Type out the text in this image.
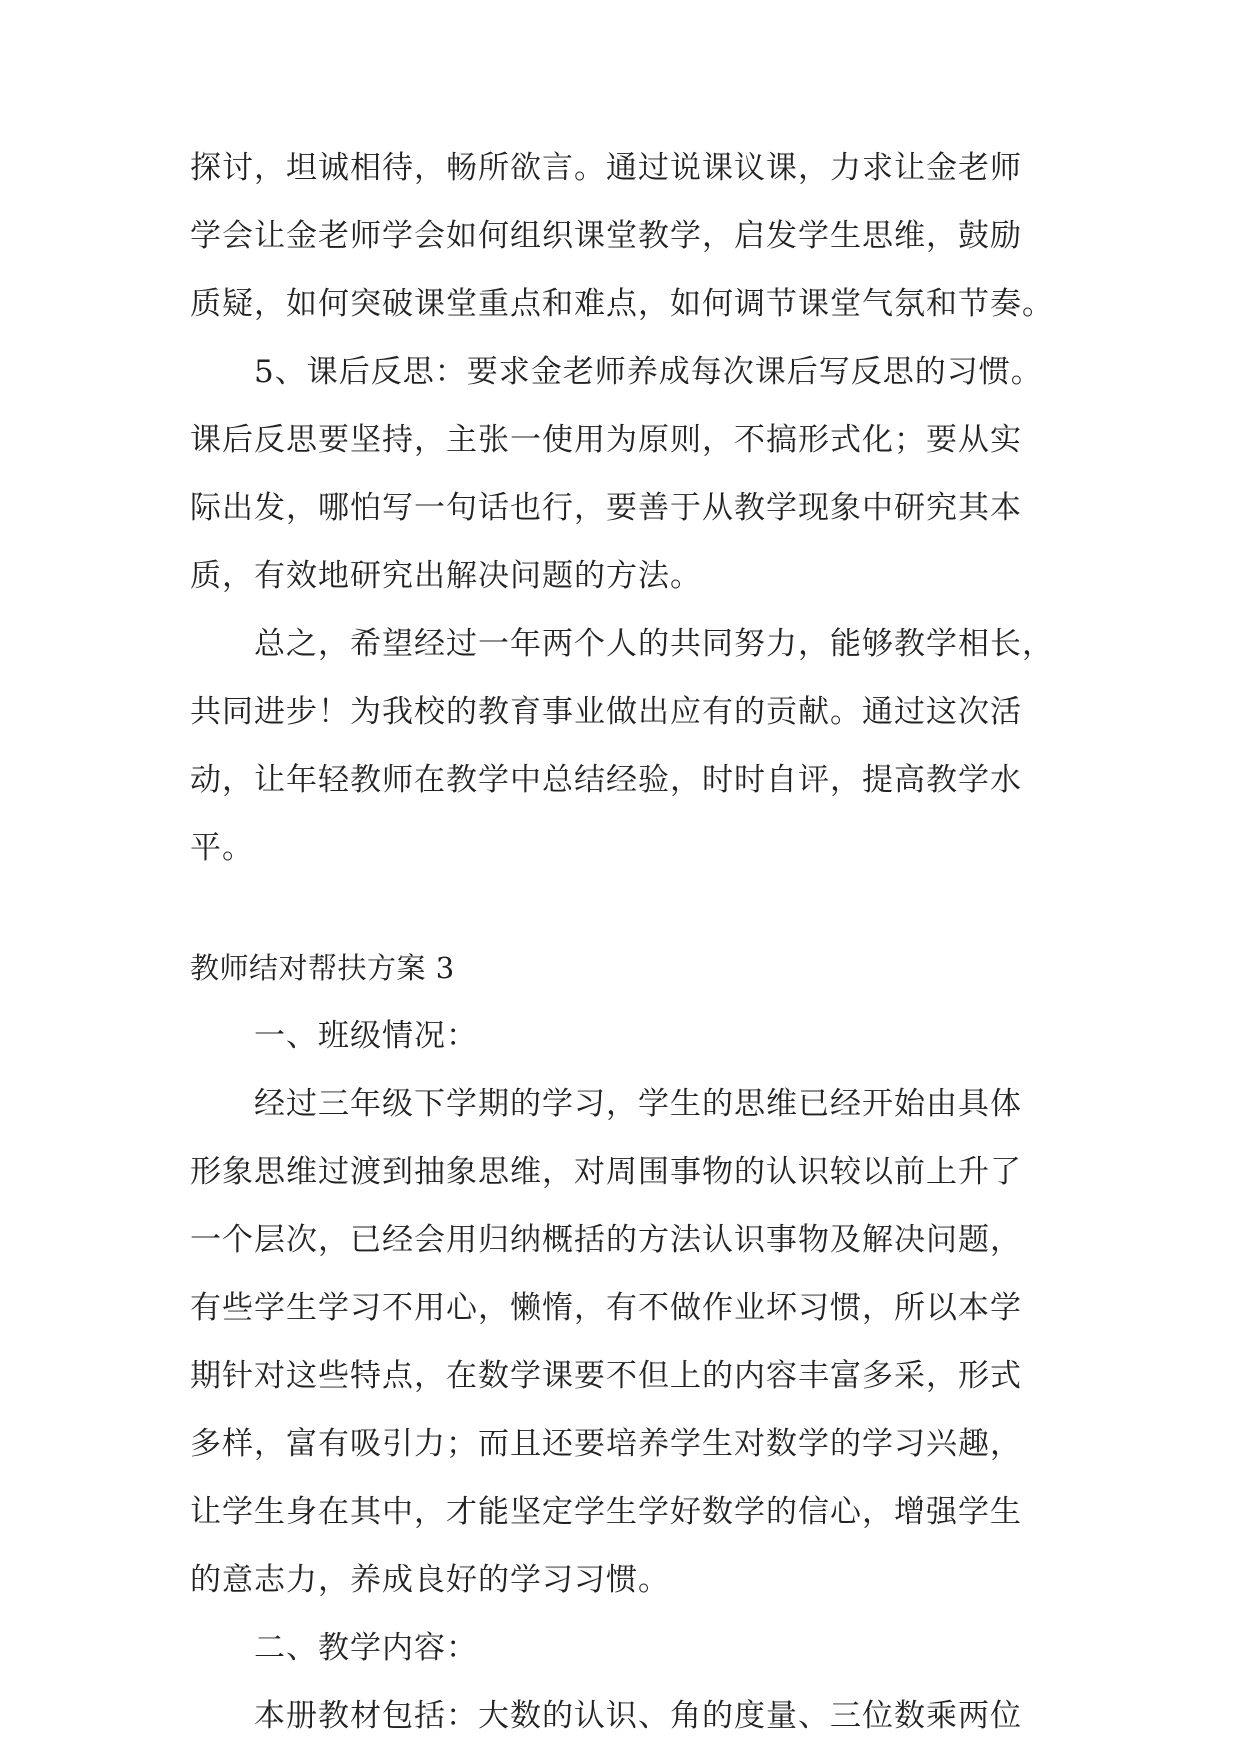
探讨，坦诚相待，畅所欲言。通过说课议课，力求让金老师
学会让金老师学会如何组织课堂教学，启发学生思维，鼓励
质疑，如何突破课堂重点和难点，如何调节课堂气氛和节奏。
5、课后反思：要求金老师养成每次课后写反思的习惯。
课后反思要坚持，主张一使用为原则，不搞形式化；要从实
际出发，哪怕写一句话也行，要善于从教学现象中研究其本
质，有效地研究出解决问题的方法。
总之，希望经过一年两个人的共同努力，能够教学相长，
共同进步！为我校的教育事业做出应有的贡献。通过这次活
动，让年轻教师在教学中总结经验，时时自评，提高教学水
平。
教师结对帮扶方案 3
一、班级情况：
经过三年级下学期的学习，学生的思维已经开始由具体
形象思维过渡到抽象思维，对周围事物的认识较以前上升了
一个层次，已经会用归纳概括的方法认识事物及解决问题，
有些学生学习不用心，懒惰，有不做作业坏习惯，所以本学
期针对这些特点，在数学课要不但上的内容丰富多采，形式
多样，富有吸引力；而且还要培养学生对数学的学习兴趣，
让学生身在其中，才能坚定学生学好数学的信心，增强学生
的意志力，养成良好的学习习惯。
二、教学内容：
本册教材包括：大数的认识、角的度量、三位数乘两位
